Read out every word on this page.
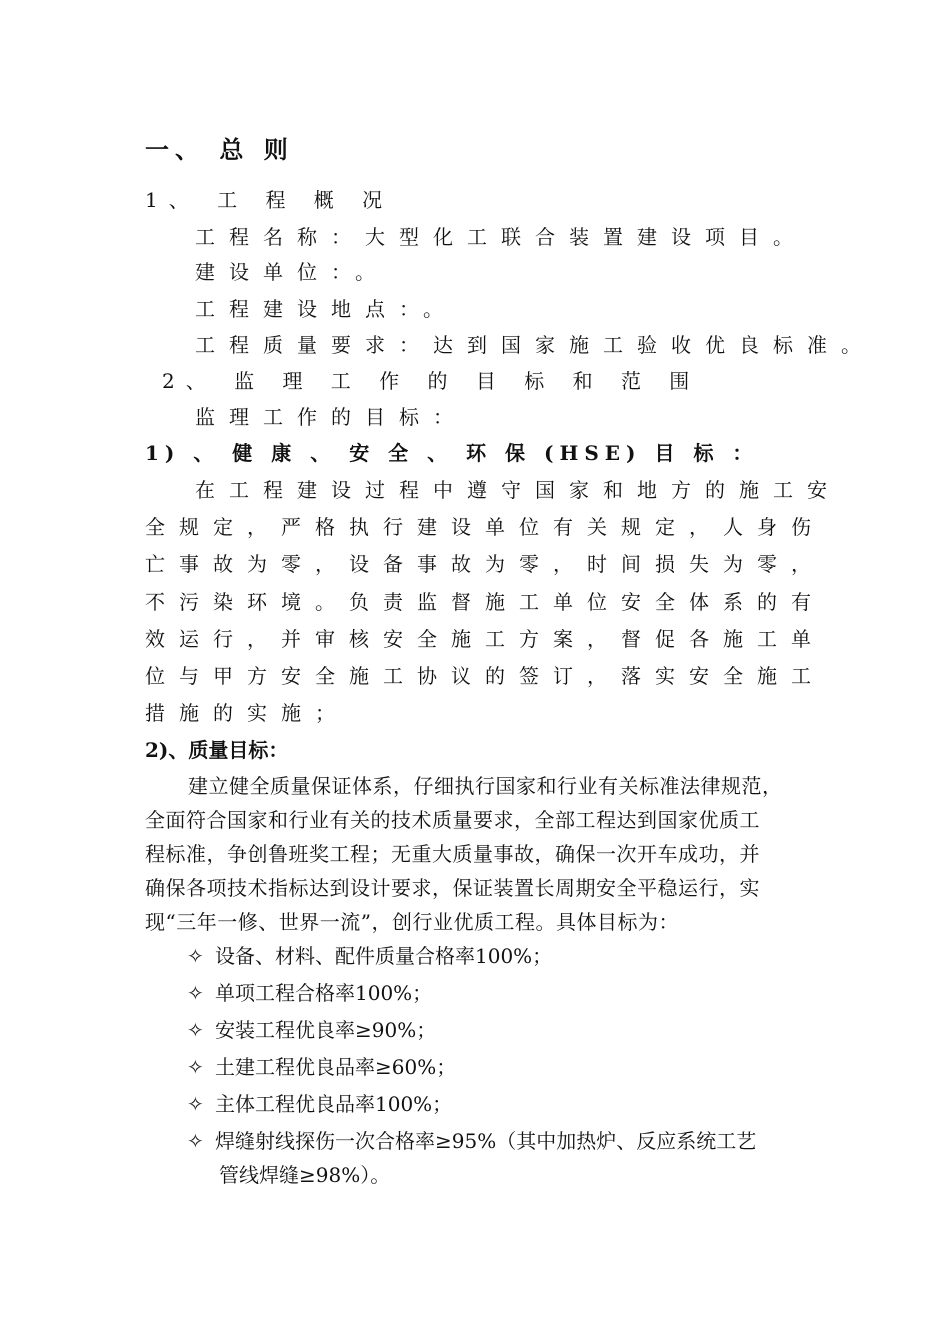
一、 总 则
1、 工 程 概 况
工程名称：大型化工联合装置建设项目。
建设单位：。
工程建设地点：。
工程质量要求：达到国家施工验收优良标准。
2、 监 理 工 作 的 目 标 和 范 围
监理工作的目标：
1) 、 健 康 、 安 全 、 环 保 (HSE) 目 标 ：
在工程建设过程中遵守国家和地方的施工安
全规定，严格执行建设单位有关规定，人身伤
亡事故为零，设备事故为零，时间损失为零，
不污染环境。负责监督施工单位安全体系的有
效运行，并审核安全施工方案，督促各施工单
位与甲方安全施工协议的签订，落实安全施工
措施的实施；
2)、质量目标：
建立健全质量保证体系，仔细执行国家和行业有关标准法律规范，
全面符合国家和行业有关的技术质量要求，全部工程达到国家优质工
程标准，争创鲁班奖工程；无重大质量事故，确保一次开车成功，并
确保各项技术指标达到设计要求，保证装置长周期安全平稳运行，实
现“三年一修、世界一流”，创行业优质工程。具体目标为：
✧ 设备、材料、配件质量合格率100%；
✧ 单项工程合格率100%；
✧ 安装工程优良率≥90%；
✧ 土建工程优良品率≥60%；
✧ 主体工程优良品率100%；
✧ 焊缝射线探伤一次合格率≥95%（其中加热炉、反应系统工艺
管线焊缝≥98%）。
